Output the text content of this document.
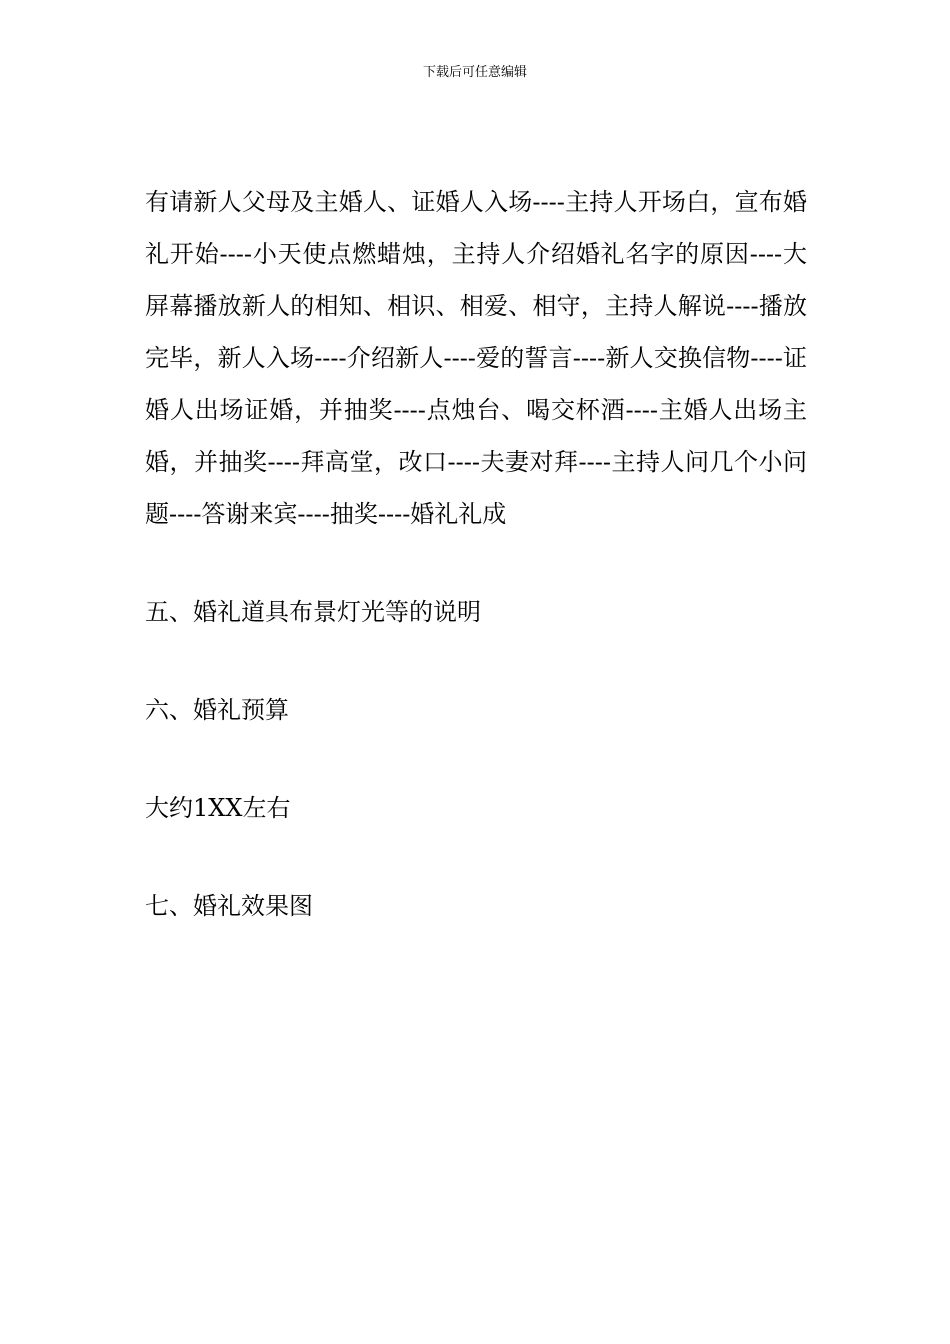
下载后可任意编辑

有请新人父母及主婚人、证婚人入场----主持人开场白，宣布婚礼开始----小天使点燃蜡烛，主持人介绍婚礼名字的原因----大屏幕播放新人的相知、相识、相爱、相守，主持人解说----播放完毕，新人入场----介绍新人----爱的誓言----新人交换信物----证婚人出场证婚，并抽奖----点烛台、喝交杯酒----主婚人出场主婚，并抽奖----拜高堂，改口----夫妻对拜----主持人问几个小问题----答谢来宾----抽奖----婚礼礼成

五、婚礼道具布景灯光等的说明

六、婚礼预算

大约1XX左右

七、婚礼效果图
